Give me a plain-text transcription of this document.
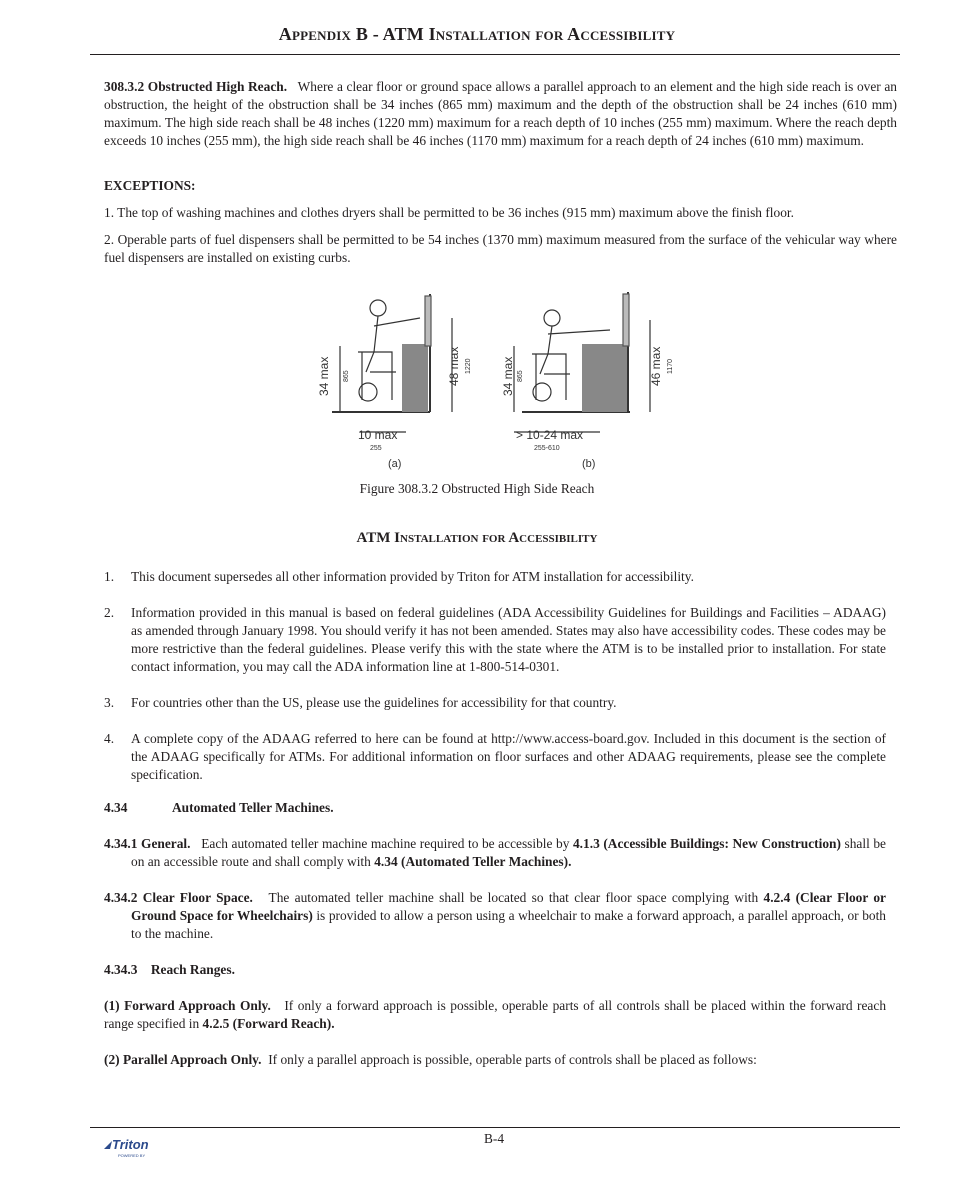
Appendix B - ATM Installation for Accessibility
308.3.2 Obstructed High Reach. Where a clear floor or ground space allows a parallel approach to an element and the high side reach is over an obstruction, the height of the obstruction shall be 34 inches (865 mm) maximum and the depth of the obstruction shall be 24 inches (610 mm) maximum. The high side reach shall be 48 inches (1220 mm) maximum for a reach depth of 10 inches (255 mm) maximum. Where the reach depth exceeds 10 inches (255 mm), the high side reach shall be 46 inches (1170 mm) maximum for a reach depth of 24 inches (610 mm) maximum.
EXCEPTIONS:
1. The top of washing machines and clothes dryers shall be permitted to be 36 inches (915 mm) maximum above the finish floor.
2. Operable parts of fuel dispensers shall be permitted to be 54 inches (1370 mm) maximum measured from the surface of the vehicular way where fuel dispensers are installed on existing curbs.
34 max 865	48 max 1220
10 max
255
(a)
34 max 865	46 max 1170
> 10-24 max
255-610
(b)
Figure 308.3.2 Obstructed High Side Reach
ATM Installation for Accessibility
1. This document supersedes all other information provided by Triton for ATM installation for accessibility.
2. Information provided in this manual is based on federal guidelines (ADA Accessibility Guidelines for Buildings and Facilities – ADAAG) as amended through January 1998. You should verify it has not been amended. States may also have accessibility codes. These codes may be more restrictive than the federal guidelines. Please verify this with the state where the ATM is to be installed prior to installation. For state contact information, you may call the ADA information line at 1-800-514-0301.
3. For countries other than the US, please use the guidelines for accessibility for that country.
4. A complete copy of the ADAAG referred to here can be found at http://www.access-board.gov. Included in this document is the section of the ADAAG specifically for ATMs. For additional information on floor surfaces and other ADAAG requirements, please see the complete specification.
4.34	Automated Teller Machines.
4.34.1 General. Each automated teller machine machine required to be accessible by 4.1.3 (Accessible Buildings: New Construction) shall be on an accessible route and shall comply with 4.34 (Automated Teller Machines).
4.34.2 Clear Floor Space. The automated teller machine shall be located so that clear floor space complying with 4.2.4 (Clear Floor or Ground Space for Wheelchairs) is provided to allow a person using a wheelchair to make a forward approach, a parallel approach, or both to the machine.
4.34.3    Reach Ranges.
(1) Forward Approach Only. If only a forward approach is possible, operable parts of all controls shall be placed within the forward reach range specified in 4.2.5 (Forward Reach).
(2) Parallel Approach Only. If only a parallel approach is possible, operable parts of controls shall be placed as follows:
B-4
Triton
POWERED BY
